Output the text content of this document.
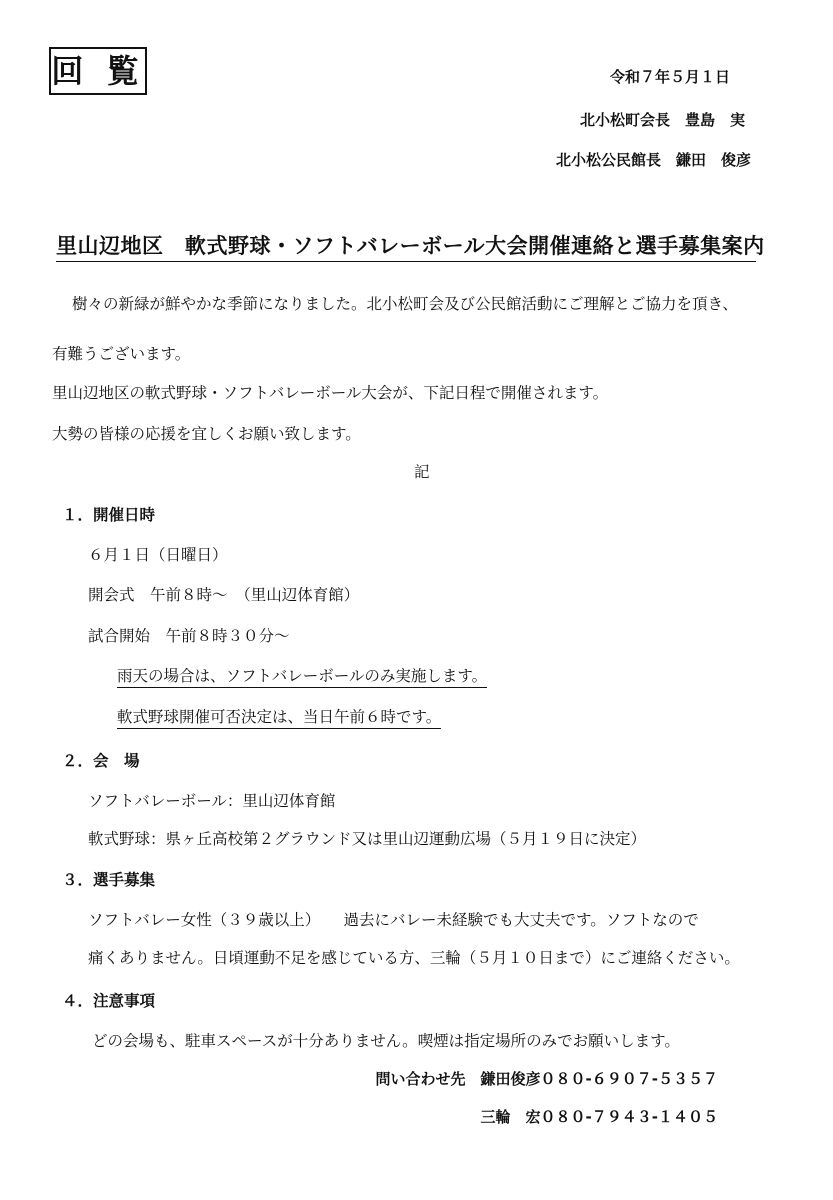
回 覧	令和７年５月１日
北小松町会長　豊島　実
北小松公民館長　鎌田　俊彦
里山辺地区　軟式野球・ソフトバレーボール大会開催連絡と選手募集案内
樹々の新緑が鮮やかな季節になりました。北小松町会及び公民館活動にご理解とご協力を頂き、
有難うございます。
里山辺地区の軟式野球・ソフトバレーボール大会が、下記日程で開催されます。
大勢の皆様の応援を宜しくお願い致します。
記
１．開催日時
６月１日（日曜日）
開会式　午前８時～　（里山辺体育館）
試合開始　午前８時３０分～
雨天の場合は、ソフトバレーボールのみ実施します。
軟式野球開催可否決定は、当日午前６時です。
２．会　場
ソフトバレーボール：里山辺体育館
軟式野球：県ヶ丘高校第２グラウンド又は里山辺運動広場（５月１９日に決定）
３．選手募集
ソフトバレー女性（３９歳以上）　　過去にバレー未経験でも大丈夫です。ソフトなので
痛くありません。日頃運動不足を感じている方、三輪（５月１０日まで）にご連絡ください。
４．注意事項
どの会場も、駐車スペースが十分ありません。喫煙は指定場所のみでお願いします。
問い合わせ先　鎌田俊彦０８０-６９０７-５３５７
三輪　宏０８０-７９４３-１４０５
